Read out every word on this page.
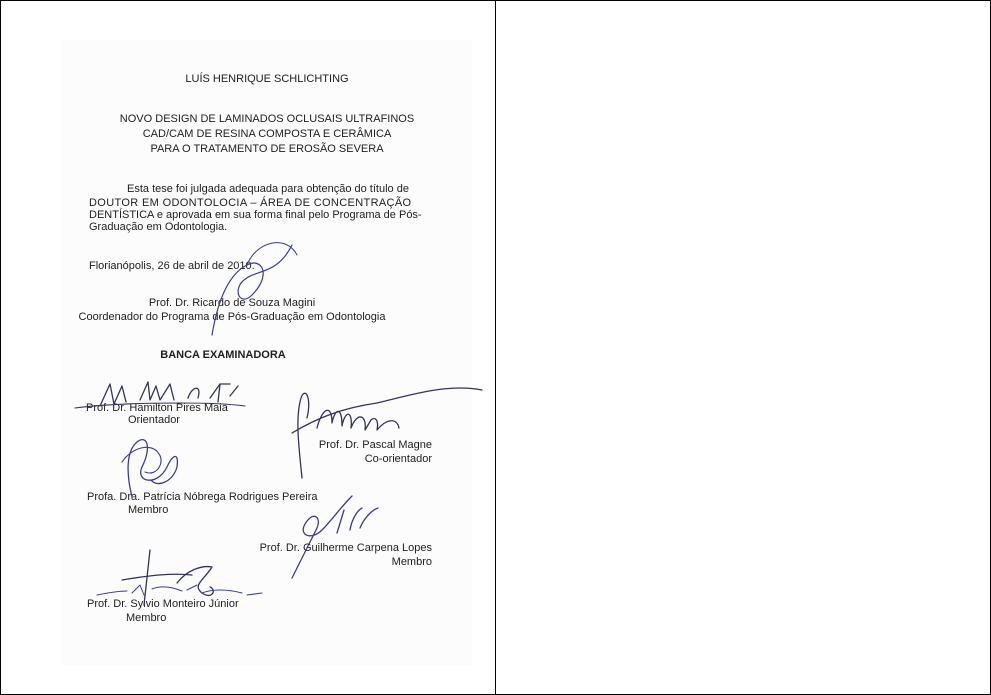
LUÍS HENRIQUE SCHLICHTING
NOVO DESIGN DE LAMINADOS OCLUSAIS ULTRAFINOS
CAD/CAM DE RESINA COMPOSTA E CERÂMICA
PARA O TRATAMENTO DE EROSÃO SEVERA
Esta tese foi julgada adequada para obtenção do título de
DOUTOR EM ODONTOLOCIA – ÁREA DE CONCENTRAÇÃO
DENTÍSTICA e aprovada em sua forma final pelo Programa de Pós-
Graduação em Odontologia.
Florianópolis, 26 de abril de 2010.
Prof. Dr. Ricardo de Souza Magini
Coordenador do Programa de Pós-Graduação em Odontologia
BANCA EXAMINADORA
Prof. Dr. Hamilton Pires Maia
Orientador
Prof. Dr. Pascal Magne
Co-orientador
Profa. Dra. Patrícia Nóbrega Rodrigues Pereira
Membro
Prof. Dr. Guilherme Carpena Lopes
Membro
Prof. Dr. Sylvio Monteiro Júnior
Membro
